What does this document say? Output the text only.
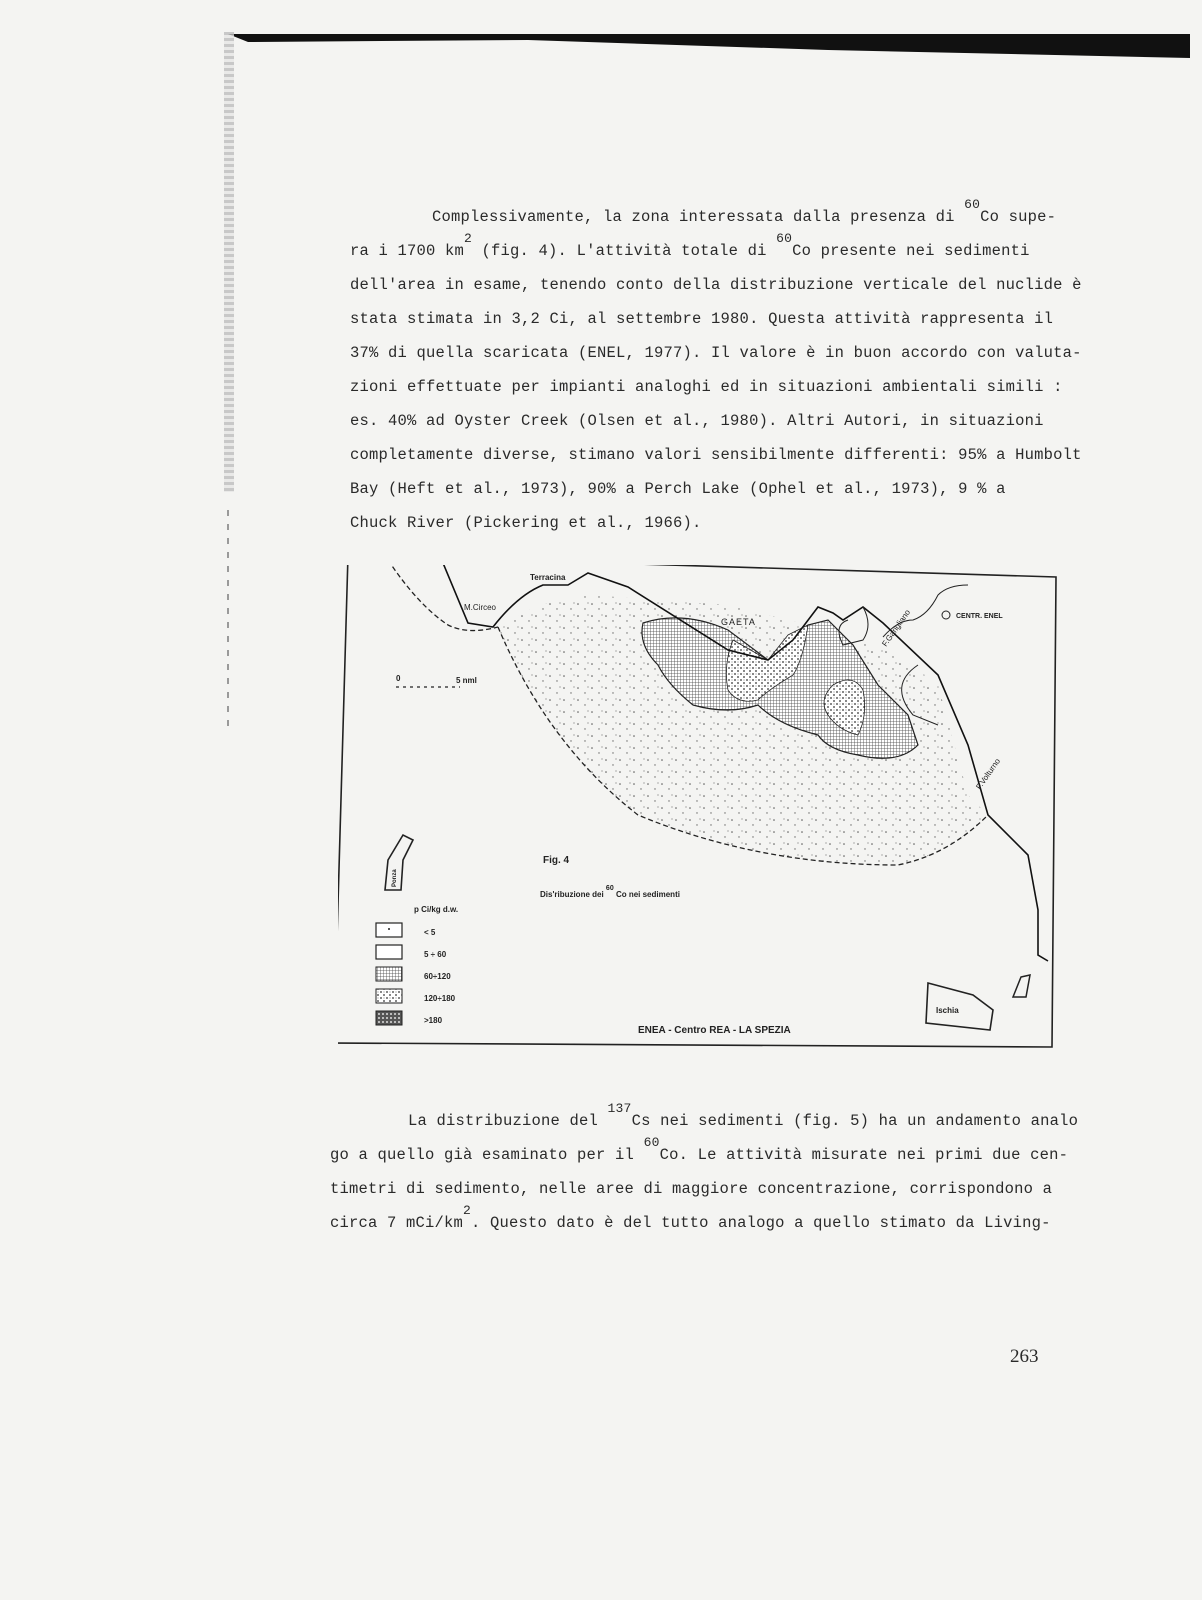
Complessivamente, la zona interessata dalla presenza di $^{60}$Co supe-
ra i 1700 $km^2$ (fig. 4). L'attività totale di $^{60}$Co presente nei sedimenti
dell'area in esame, tenendo conto della distribuzione verticale del nuclide è
stata stimata in 3,2 Ci, al settembre 1980. Questa attività rappresenta il
37% di quella scaricata (ENEL, 1977). Il valore è in buon accordo con valuta-
zioni effettuate per impianti analoghi ed in situazioni ambientali simili :
es. 40% ad Oyster Creek (Olsen et al., 1980). Altri Autori, in situazioni
completamente diverse, stimano valori sensibilmente differenti: 95% a Humbolt
Bay (Heft et al., 1973), 90% a Perch Lake (Ophel et al., 1973), 9 % a
Chuck River (Pickering et al., 1966).
Terracina
M.Circeo
GAETA	F.Garigliano	CENTR. ENEL
F.Volturno
0	5 nml
Ponza
Ischia
Fig. 4
Dis'ribuzione dei 60 Co nei sedimenti
p Ci/kg d.w.
< 5
5 ÷ 60
60÷120
120÷180
>180
ENEA - Centro REA - LA SPEZIA
La distribuzione del $^{137}$Cs nei sedimenti (fig. 5) ha un andamento analo
go a quello già esaminato per il $^{60}$Co. Le attività misurate nei primi due cen-
timetri di sedimento, nelle aree di maggiore concentrazione, corrispondono a
circa 7 mCi/$km^2$. Questo dato è del tutto analogo a quello stimato da Living-
263
